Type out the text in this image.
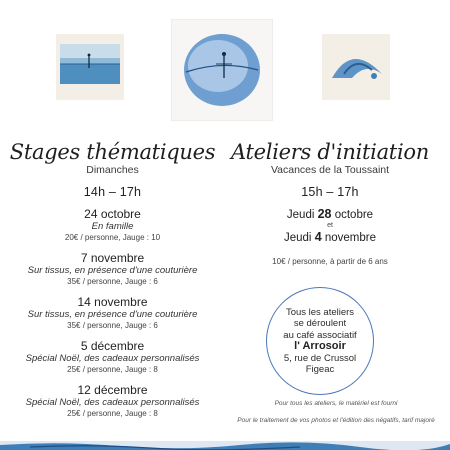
Stages thématiques
Dimanches
14h – 17h
24 octobre
En famille
20€ / personne, Jauge : 10
7 novembre
Sur tissus, en présence d'une couturière
35€ / personne, Jauge : 6
14 novembre
Sur tissus, en présence d'une couturière
35€ / personne, Jauge : 6
5 décembre
Spécial Noël, des cadeaux personnalisés
25€ / personne, Jauge : 8
12 décembre
Spécial Noël, des cadeaux personnalisés
25€ / personne, Jauge : 8
Ateliers d'initiation
Vacances de la Toussaint
15h – 17h
Jeudi 28 octobre
et
Jeudi 4 novembre
10€ / personne, à partir de 6 ans
Tous les ateliers
se déroulent
au café associatif
l' Arrosoir
5, rue de Crussol
Figeac
Pour tous les ateliers, le matériel est fourni
Pour le traitement de vos photos et l'édition des négatifs, tarif majoré
